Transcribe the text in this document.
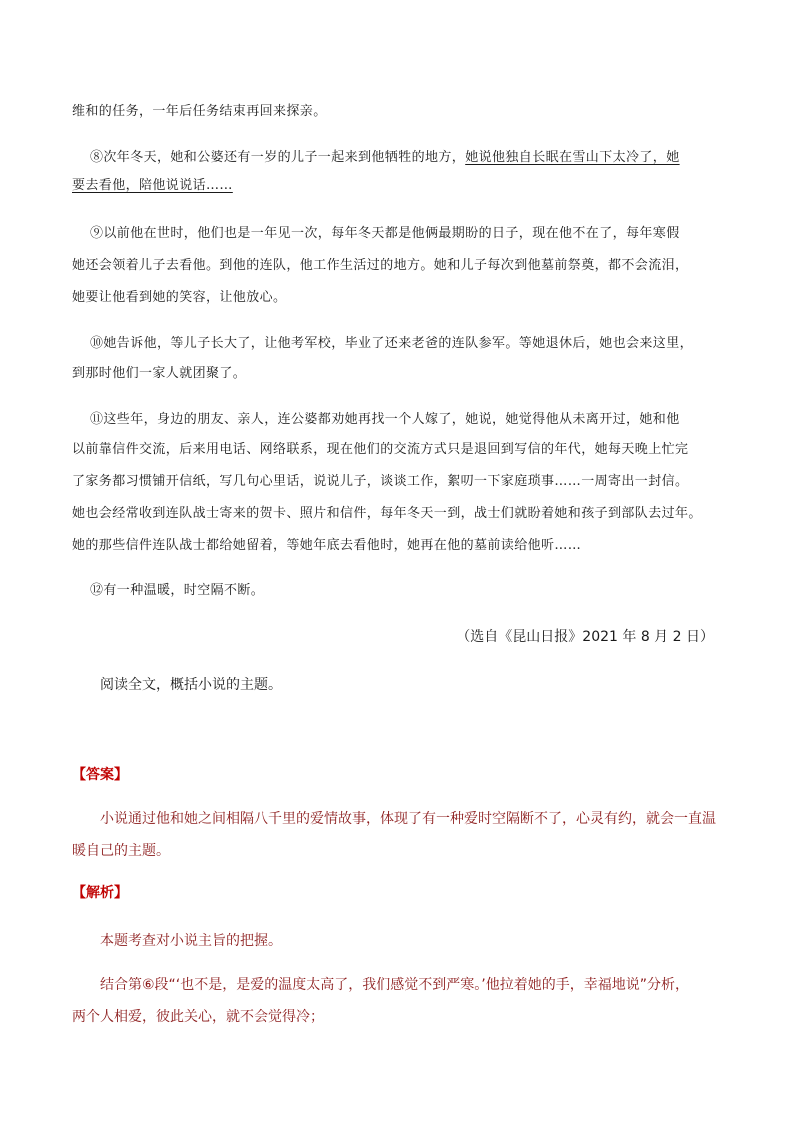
维和的任务，一年后任务结束再回来探亲。
⑧次年冬天，她和公婆还有一岁的儿子一起来到他牺牲的地方，她说他独自长眠在雪山下太冷了，她
要去看他，陪他说说话……
⑨以前他在世时，他们也是一年见一次，每年冬天都是他俩最期盼的日子，现在他不在了，每年寒假
她还会领着儿子去看他。到他的连队，他工作生活过的地方。她和儿子每次到他墓前祭奠，都不会流泪，
她要让他看到她的笑容，让他放心。
⑩她告诉他，等儿子长大了，让他考军校，毕业了还来老爸的连队参军。等她退休后，她也会来这里，
到那时他们一家人就团聚了。
⑪这些年，身边的朋友、亲人，连公婆都劝她再找一个人嫁了，她说，她觉得他从未离开过，她和他
以前靠信件交流，后来用电话、网络联系，现在他们的交流方式只是退回到写信的年代，她每天晚上忙完
了家务都习惯铺开信纸，写几句心里话，说说儿子，谈谈工作，絮叨一下家庭琐事……一周寄出一封信。
她也会经常收到连队战士寄来的贺卡、照片和信件，每年冬天一到，战士们就盼着她和孩子到部队去过年。
她的那些信件连队战士都给她留着，等她年底去看他时，她再在他的墓前读给他听……
⑫有一种温暖，时空隔不断。
（选自《昆山日报》2021 年 8 月 2 日）
阅读全文，概括小说的主题。
【答案】
小说通过他和她之间相隔八千里的爱情故事，体现了有一种爱时空隔断不了，心灵有约，就会一直温
暖自己的主题。
【解析】
本题考查对小说主旨的把握。
结合第⑥段“‘也不是，是爱的温度太高了，我们感觉不到严寒。’他拉着她的手，幸福地说”分析，
两个人相爱，彼此关心，就不会觉得冷；
